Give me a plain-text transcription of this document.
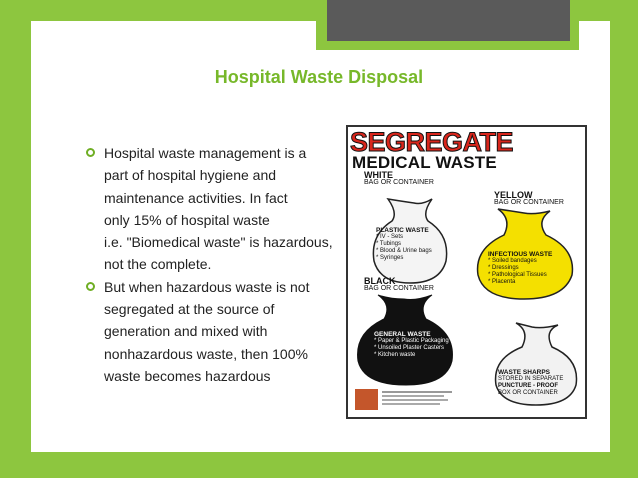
Hospital Waste Disposal
Hospital waste management is a
part of hospital hygiene and
maintenance activities. In fact
only 15% of hospital waste
i.e. "Biomedical waste" is hazardous,
not the complete.
But when hazardous waste is not
segregated at the source of
generation and mixed with
nonhazardous waste, then 100%
waste becomes hazardous
SEGREGATE
MEDICAL WASTE
WHITE
BAG OR CONTAINER
PLASTIC WASTE
* IV - Sets
* Tubings
* Blood & Urine bags
* Syringes
YELLOW
BAG OR CONTAINER
INFECTIOUS WASTE
* Soiled bandages
* Dressings
* Pathological Tissues
* Placenta
BLACK
BAG OR CONTAINER
GENERAL WASTE
* Paper & Plastic Packaging
* Unsoiled Plaster Casters
* Kitchen waste
WASTE SHARPS
STORED IN SEPARATE
PUNCTURE - PROOF
BOX OR CONTAINER
